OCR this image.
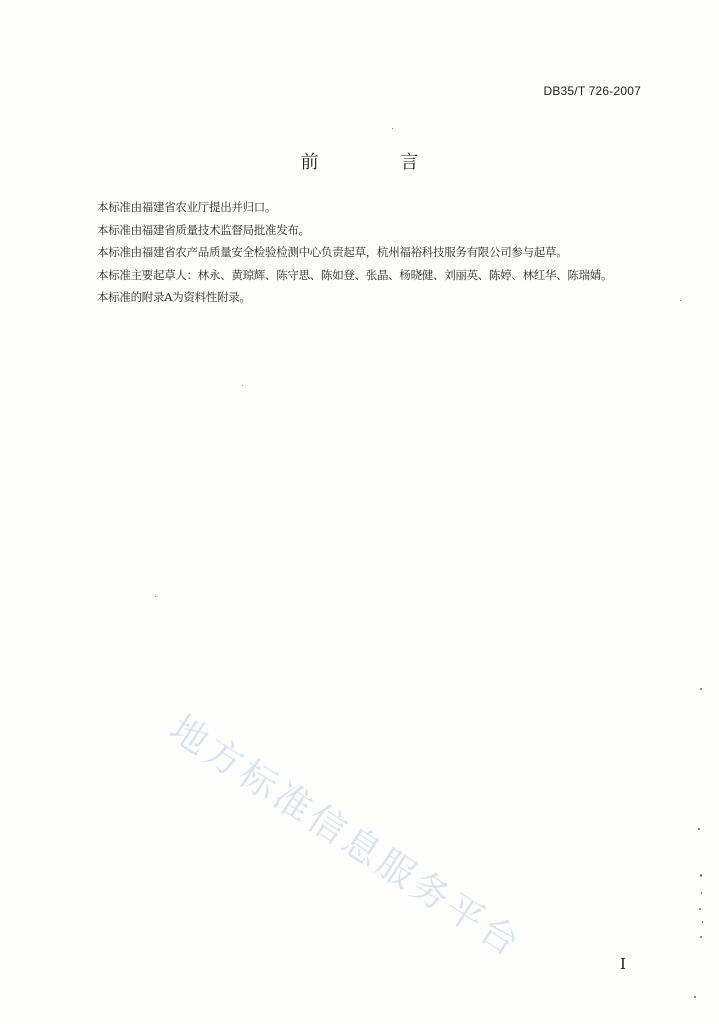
DB35/T 726-2007
前 言
本标准由福建省农业厅提出并归口。
本标准由福建省质量技术监督局批准发布。
本标准由福建省农产品质量安全检验检测中心负责起草，杭州福裕科技服务有限公司参与起草。
本标准主要起草人：林永、黄琼辉、陈守思、陈如登、张晶、杨晓健、刘丽英、陈婷、林红华、陈瑞婧。
本标准的附录A为资料性附录。
地方标准信息服务平台	I
